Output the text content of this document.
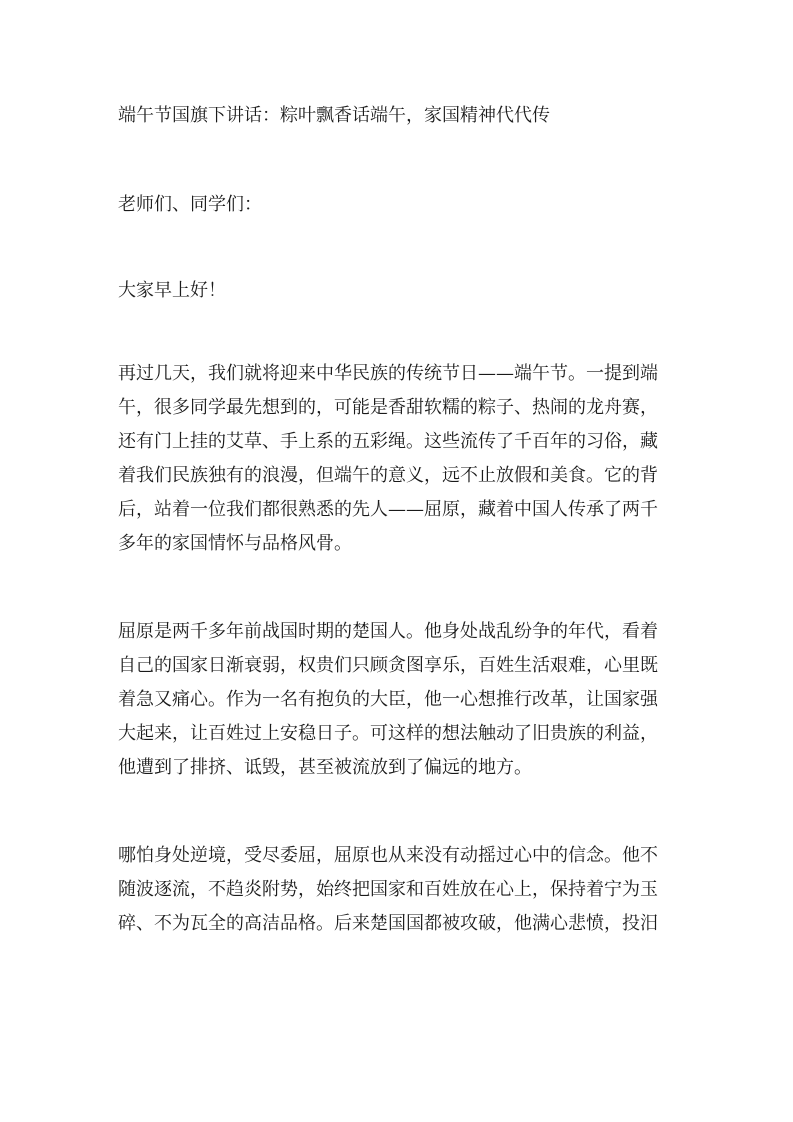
端午节国旗下讲话：粽叶飘香话端午，家国精神代代传

老师们、同学们：

大家早上好！

再过几天，我们就将迎来中华民族的传统节日——端午节。一提到端

午，很多同学最先想到的，可能是香甜软糯的粽子、热闹的龙舟赛，

还有门上挂的艾草、手上系的五彩绳。这些流传了千百年的习俗，藏

着我们民族独有的浪漫，但端午的意义，远不止放假和美食。它的背

后，站着一位我们都很熟悉的先人——屈原，藏着中国人传承了两千

多年的家国情怀与品格风骨。

屈原是两千多年前战国时期的楚国人。他身处战乱纷争的年代，看着

自己的国家日渐衰弱，权贵们只顾贪图享乐，百姓生活艰难，心里既

着急又痛心。作为一名有抱负的大臣，他一心想推行改革，让国家强

大起来，让百姓过上安稳日子。可这样的想法触动了旧贵族的利益，

他遭到了排挤、诋毁，甚至被流放到了偏远的地方。

哪怕身处逆境，受尽委屈，屈原也从来没有动摇过心中的信念。他不

随波逐流，不趋炎附势，始终把国家和百姓放在心上，保持着宁为玉

碎、不为瓦全的高洁品格。后来楚国国都被攻破，他满心悲愤，投汨
